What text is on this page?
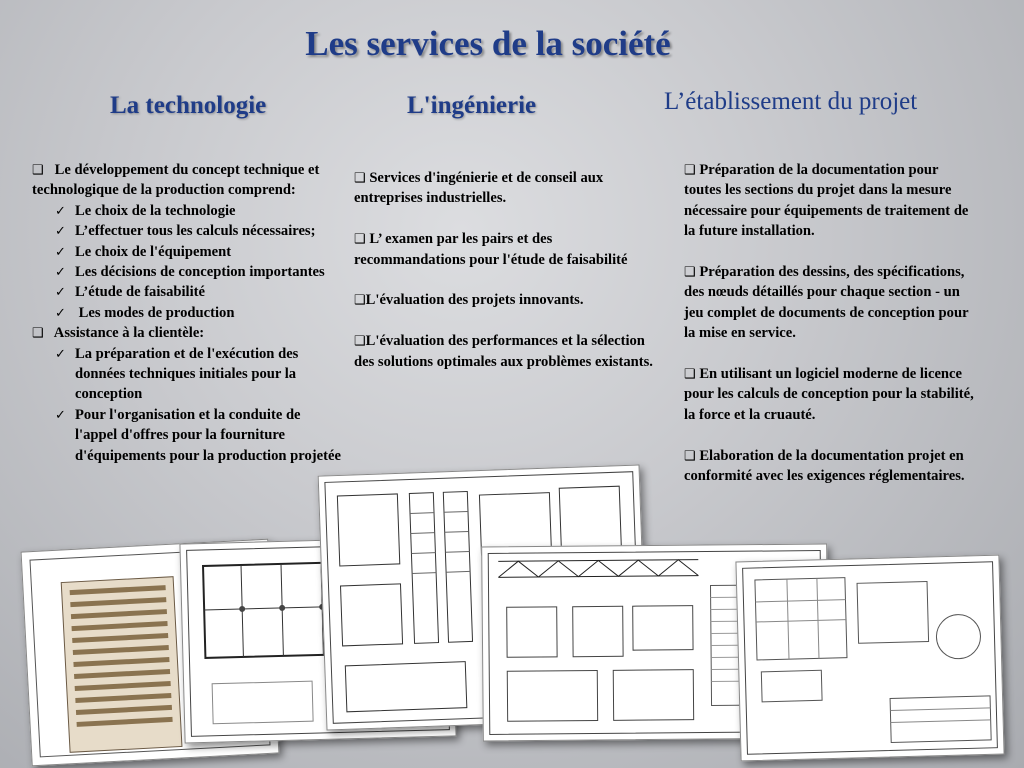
Les services de la société
La technologie	L'ingénierie	L’établissement du projet
❑ Le développement du concept technique et technologique de la production comprend:
✓ Le choix de la technologie
✓ L’effectuer tous les calculs nécessaires;
✓ Le choix de l'équipement
✓ Les décisions de conception importantes
✓ L’étude de faisabilité
✓ Les modes de production
❑ Assistance à la clientèle:
✓ La préparation et de l'exécution des données techniques initiales pour la conception
✓ Pour l'organisation et la conduite de l'appel d'offres pour la fourniture d'équipements pour la production projetée
❑ Services d'ingénierie et de conseil aux entreprises industrielles.
❑ L’ examen par les pairs et des recommandations pour l'étude de faisabilité
❑L'évaluation des projets innovants.
❑L'évaluation des performances et la sélection des solutions optimales aux problèmes existants.
❑ Préparation de la documentation pour toutes les sections du projet dans la mesure nécessaire pour équipements de traitement de la future installation.
❑ Préparation des dessins, des spécifications, des nœuds détaillés pour chaque section - un jeu complet de documents de conception pour la mise en service.
❑ En utilisant un logiciel moderne de licence pour les calculs de conception pour la stabilité, la force et la cruauté.
❑ Elaboration de la documentation projet en conformité avec les exigences réglementaires.
